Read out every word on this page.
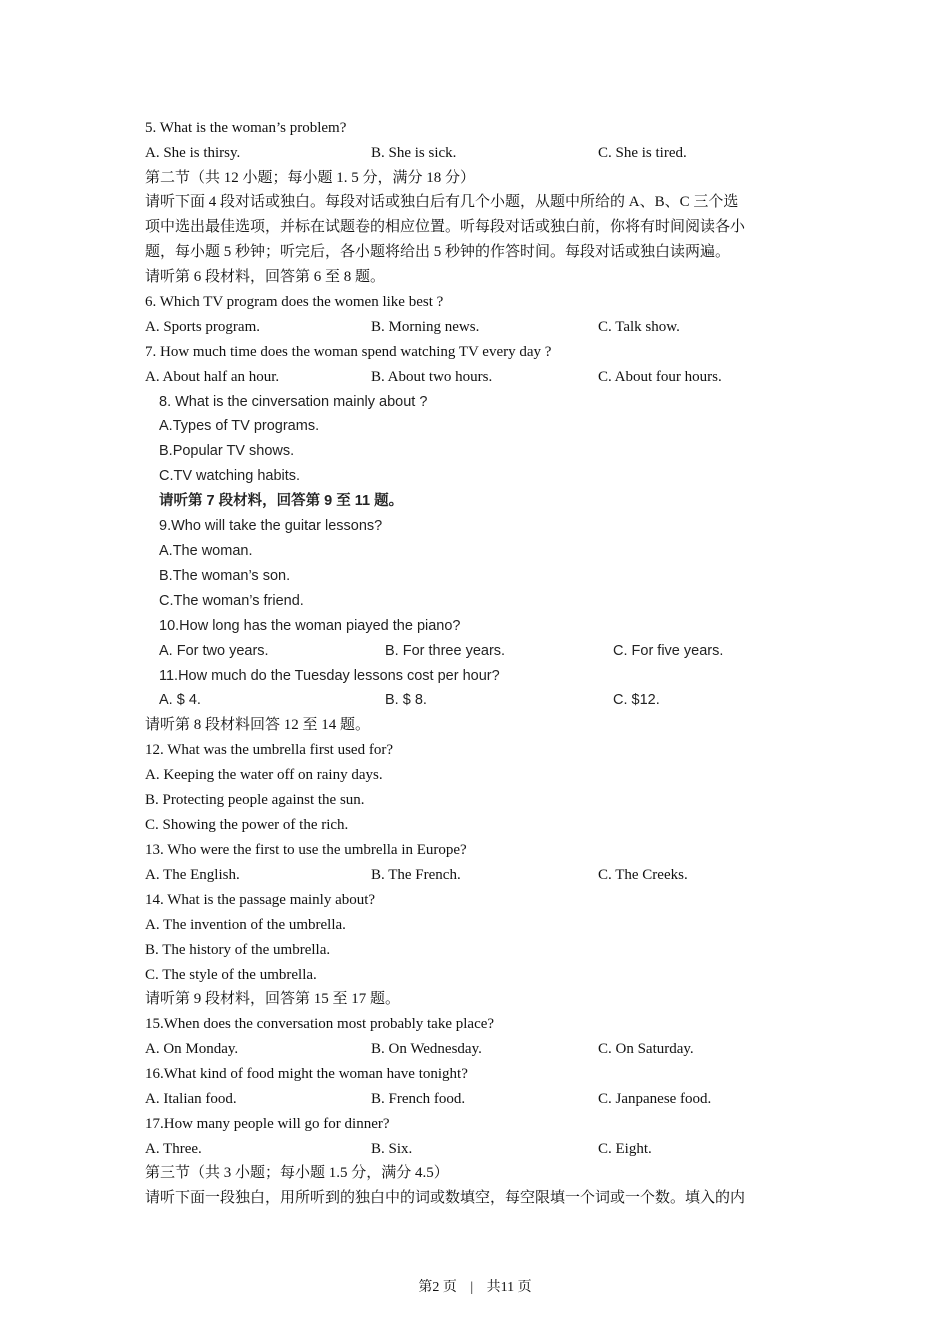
5. What is the woman’s problem?
A. She is thirsy.	B. She is sick.	C. She is tired.
第二节（共 12 小题；每小题 1. 5 分，满分 18 分）
请听下面 4 段对话或独白。每段对话或独白后有几个小题，从题中所给的 A、B、C 三个选
项中选出最佳选项，并标在试题卷的相应位置。听每段对话或独白前，你将有时间阅读各小
题，每小题 5 秒钟；听完后，各小题将给出 5 秒钟的作答时间。每段对话或独白读两遍。
请听第 6 段材料，回答第 6 至 8 题。
6. Which TV program does the women like best ?
A. Sports program.	B. Morning news.	C. Talk show.
7. How much time does the woman spend watching TV every day ?
A. About half an hour.	B. About two hours.	C. About four hours.
8. What is the cinversation mainly about ?
A.Types of TV programs.
B.Popular TV shows.
C.TV watching habits.
请听第 7 段材料，回答第 9 至 11 题。
9.Who will take the guitar lessons?
A.The woman.
B.The woman’s son.
C.The woman’s friend.
10.How long has the woman piayed the piano?
A. For two years.	B. For three years.	C. For five years.
11.How much do the Tuesday lessons cost per hour?
A. $ 4.	B. $ 8.	C. $12.
请听第 8 段材料回答 12 至 14 题。
12. What was the umbrella first used for?
A. Keeping the water off on rainy days.
B. Protecting people against the sun.
C. Showing the power of the rich.
13. Who were the first to use the umbrella in Europe?
A. The English.	B. The French.	C. The Creeks.
14. What is the passage mainly about?
A. The invention of the umbrella.
B. The history of the umbrella.
C. The style of the umbrella.
请听第 9 段材料，回答第 15 至 17 题。
15.When does the conversation most probably take place?
A. On Monday.	B. On Wednesday.	C. On Saturday.
16.What kind of food might the woman have tonight?
A. Italian food.	B. French food.	C. Janpanese food.
17.How many people will go for dinner?
A. Three.	B. Six.	C. Eight.
第三节（共 3 小题；每小题 1.5 分，满分 4.5）
请听下面一段独白，用所听到的独白中的词或数填空，每空限填一个词或一个数。填入的内
第2 页 | 共11 页
